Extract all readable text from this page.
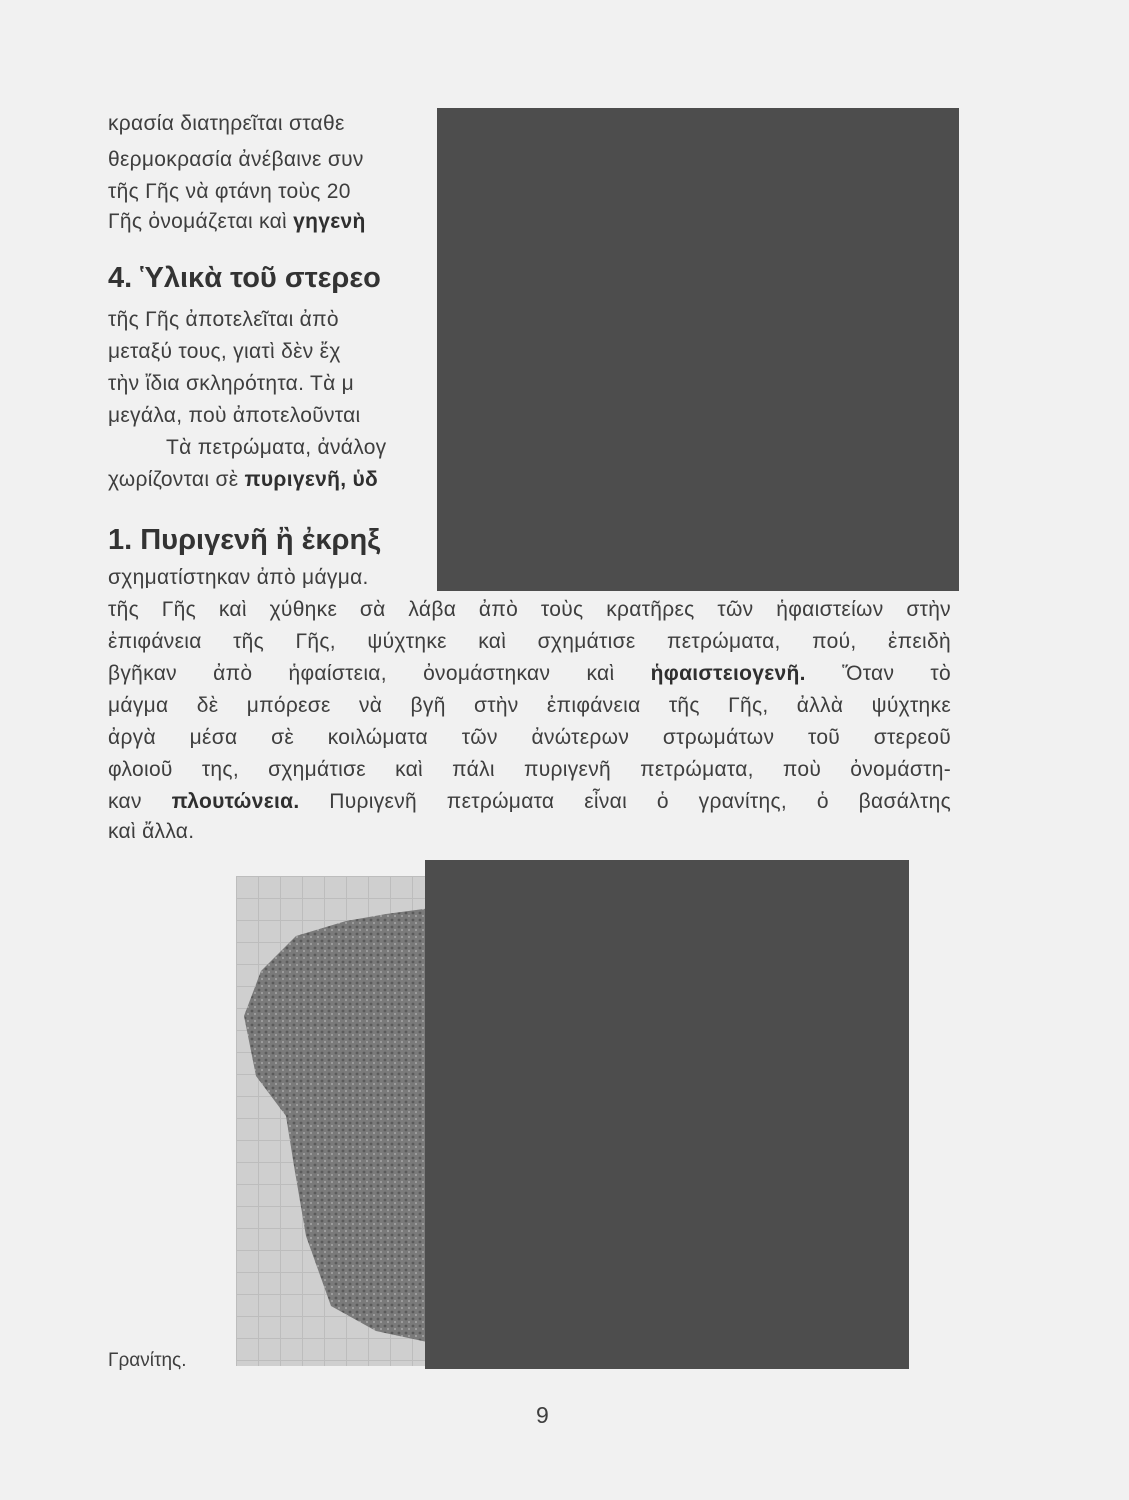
κρασία διατηρεῖται σταθε
θερμοκρασία ἀνέβαινε συν
τῆς Γῆς νὰ φτάνη τοὺς 20
Γῆς ὀνομάζεται καὶ γηγενὴ
4. Ὑλικὰ τοῦ στερεο
τῆς Γῆς ἀποτελεῖται ἀπὸ
μεταξύ τους, γιατὶ δὲν ἔχ
τὴν ἴδια σκληρότητα. Τὰ μ
μεγάλα, ποὺ ἀποτελοῦνται
Τὰ πετρώματα, ἀνάλογ
χωρίζονται σὲ πυριγενῆ, ὑδ
1. Πυριγενῆ ἢ ἐκρηξ
σχηματίστηκαν ἀπὸ μάγμα.
τῆς Γῆς καὶ χύθηκε σὰ λάβα ἀπὸ τοὺς κρατῆρες τῶν ἡφαιστείων στὴν
ἐπιφάνεια τῆς Γῆς, ψύχτηκε καὶ σχημάτισε πετρώματα, πού, ἐπειδὴ
βγῆκαν ἀπὸ ἡφαίστεια, ὀνομάστηκαν καὶ ἡφαιστειογενῆ. Ὅταν τὸ
μάγμα δὲ μπόρεσε νὰ βγῆ στὴν ἐπιφάνεια τῆς Γῆς, ἀλλὰ ψύχτηκε
ἀργὰ μέσα σὲ κοιλώματα τῶν ἀνώτερων στρωμάτων τοῦ στερεοῦ
φλοιοῦ της, σχημάτισε καὶ πάλι πυριγενῆ πετρώματα, ποὺ ὀνομάστη-
καν πλουτώνεια. Πυριγενῆ πετρώματα εἶναι ὁ γρανίτης, ὁ βασάλτης
καὶ ἄλλα.
Γρανίτης.
9
